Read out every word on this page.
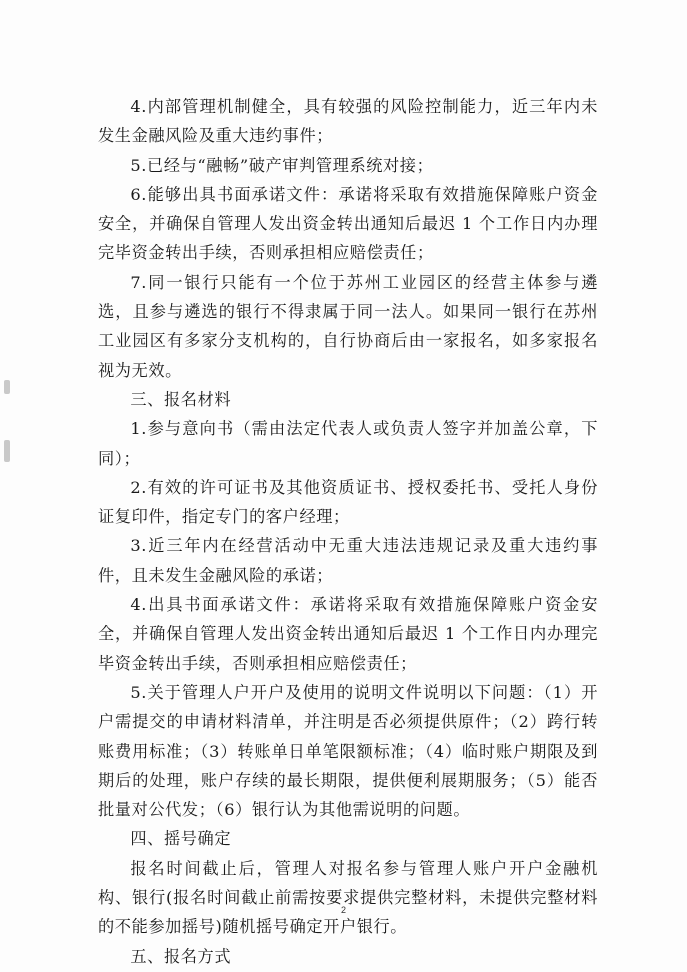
4.内部管理机制健全，具有较强的风险控制能力，近三年内未发生金融风险及重大违约事件；

5.已经与“融畅”破产审判管理系统对接；

6.能够出具书面承诺文件：承诺将采取有效措施保障账户资金安全，并确保自管理人发出资金转出通知后最迟 1 个工作日内办理完毕资金转出手续，否则承担相应赔偿责任；

7.同一银行只能有一个位于苏州工业园区的经营主体参与遴选，且参与遴选的银行不得隶属于同一法人。如果同一银行在苏州工业园区有多家分支机构的，自行协商后由一家报名，如多家报名视为无效。

三、报名材料

1.参与意向书（需由法定代表人或负责人签字并加盖公章，下同）；

2.有效的许可证书及其他资质证书、授权委托书、受托人身份证复印件，指定专门的客户经理；

3.近三年内在经营活动中无重大违法违规记录及重大违约事件，且未发生金融风险的承诺；

4.出具书面承诺文件：承诺将采取有效措施保障账户资金安全，并确保自管理人发出资金转出通知后最迟 1 个工作日内办理完毕资金转出手续，否则承担相应赔偿责任；

5.关于管理人户开户及使用的说明文件说明以下问题：（1）开户需提交的申请材料清单，并注明是否必须提供原件；（2）跨行转账费用标准；（3）转账单日单笔限额标准；（4）临时账户期限及到期后的处理，账户存续的最长期限，提供便利展期服务；（5）能否批量对公代发；（6）银行认为其他需说明的问题。

四、摇号确定

报名时间截止后，管理人对报名参与管理人账户开户金融机构、银行(报名时间截止前需按要求提供完整材料，未提供完整材料的不能参加摇号)随机摇号确定开户银行。

五、报名方式

2
